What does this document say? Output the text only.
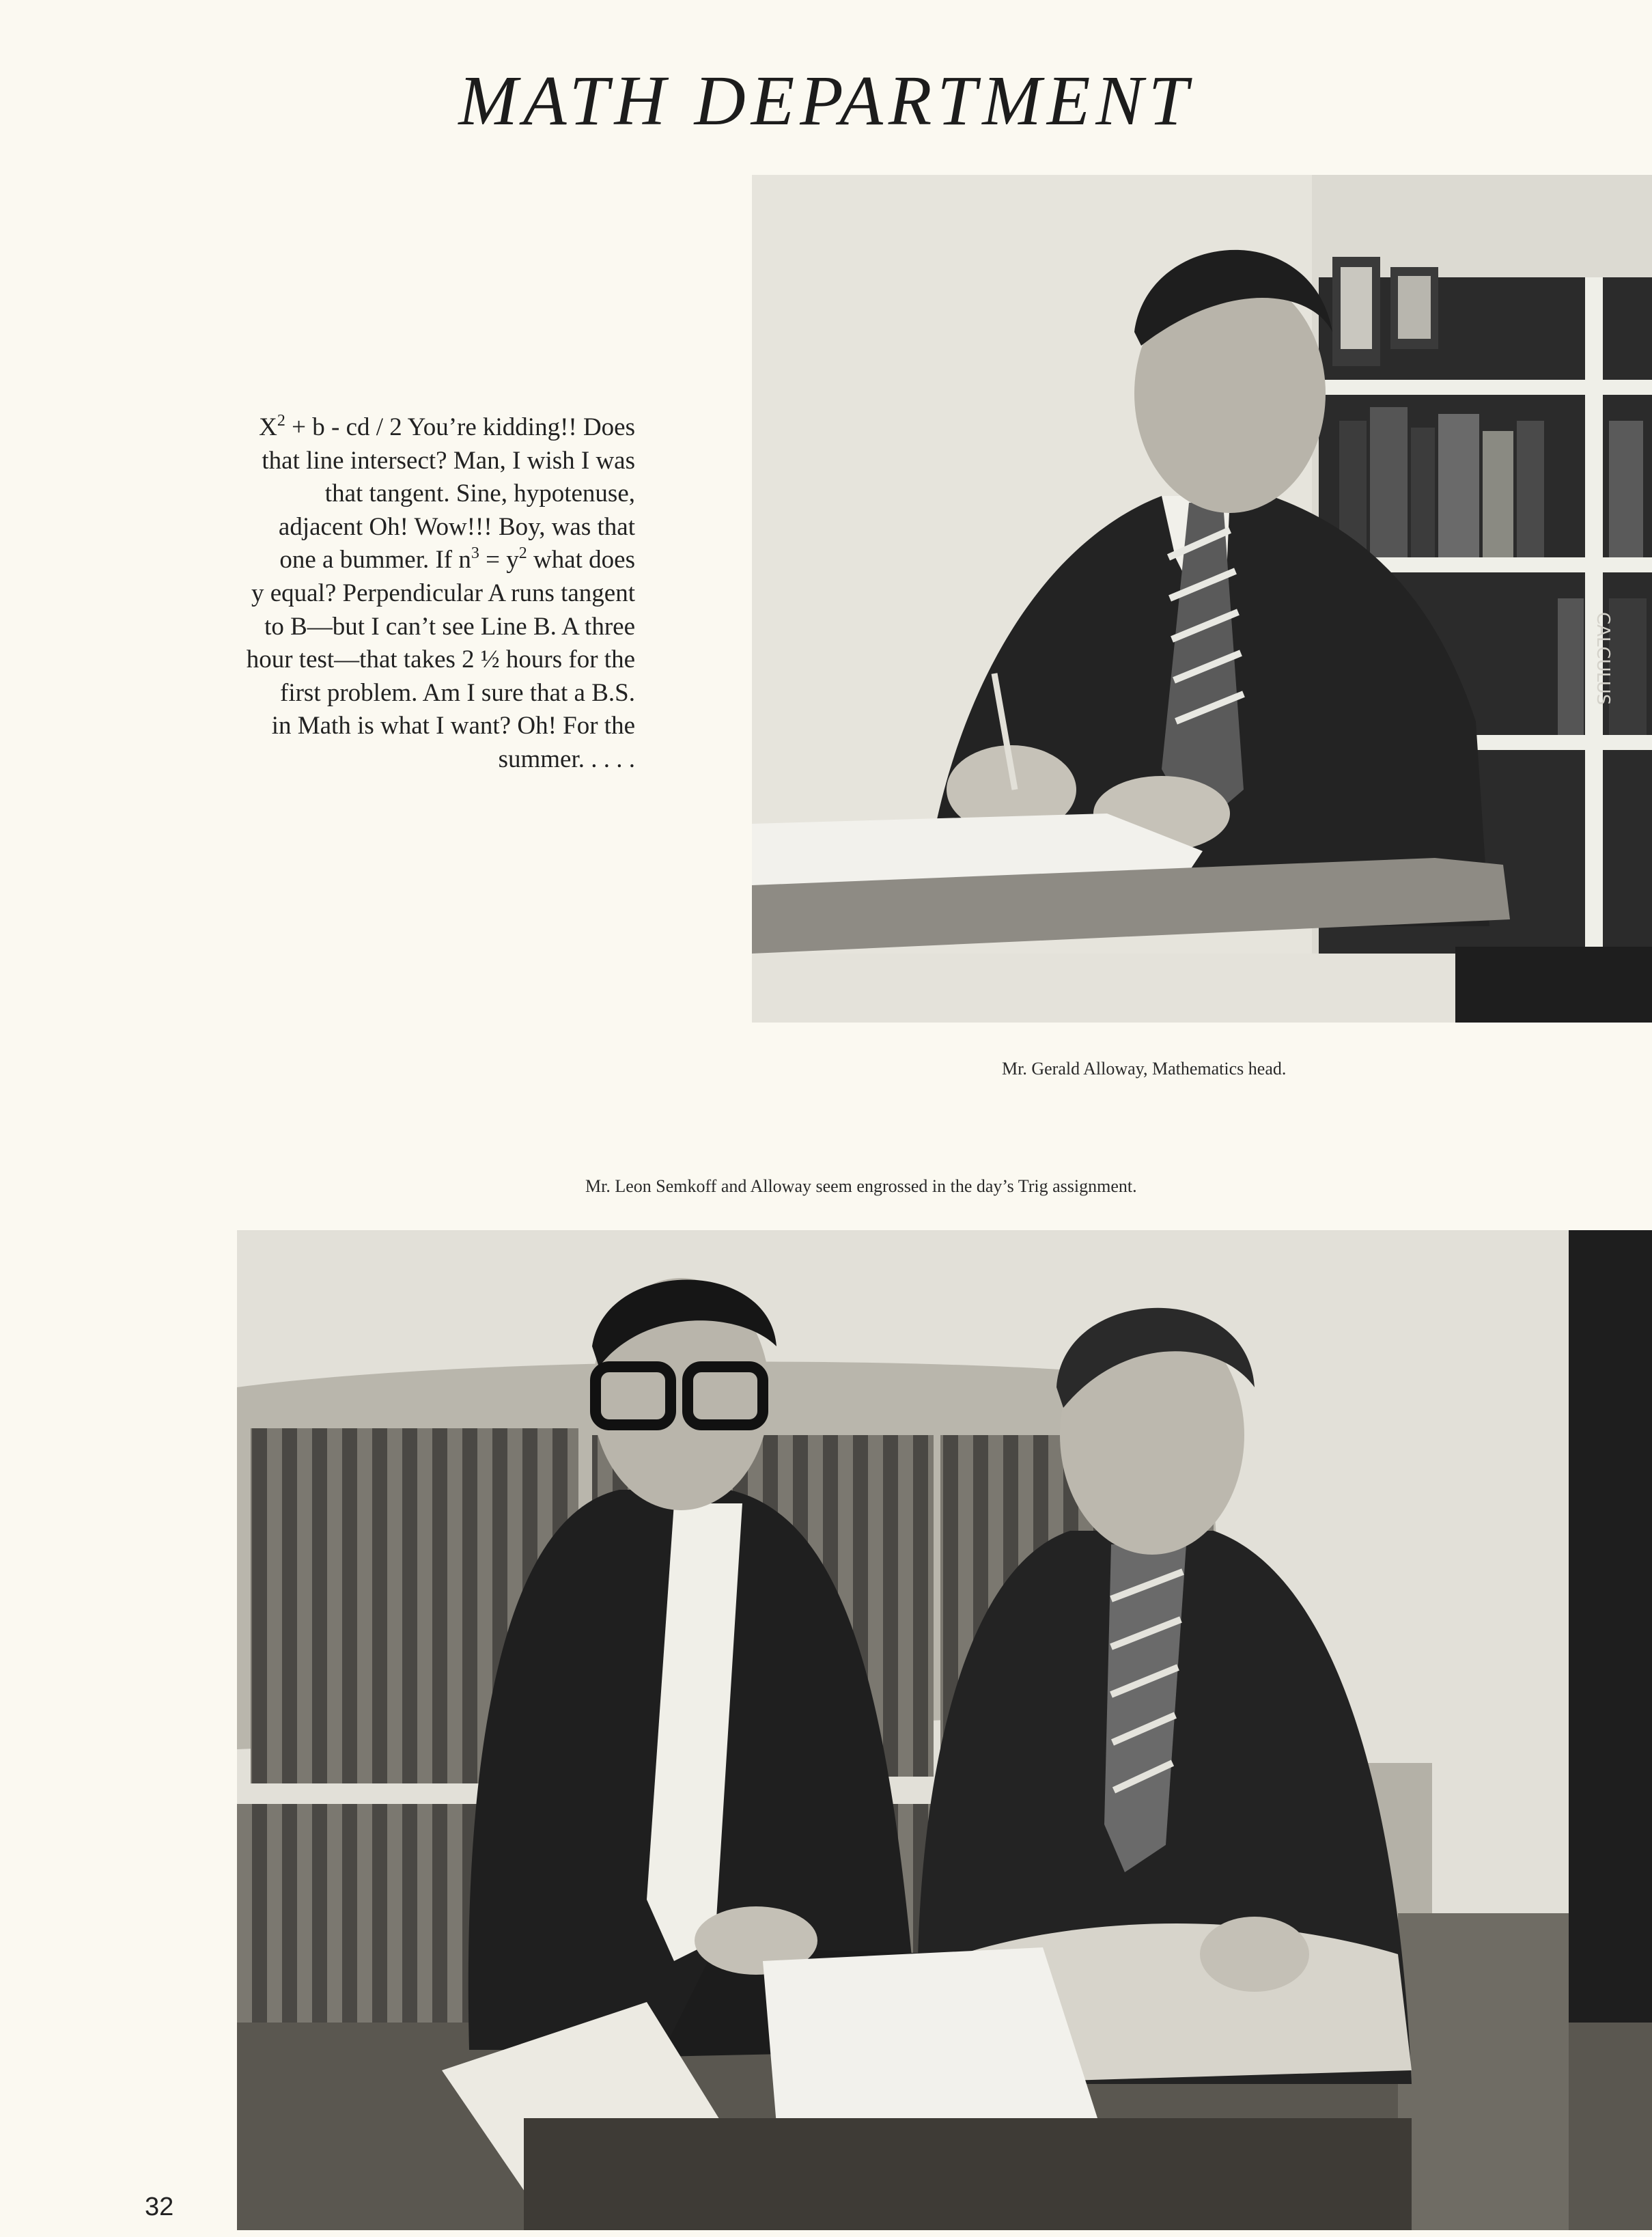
MATH DEPARTMENT
$X^2 + b$ - cd / 2 You’re kidding!! Does
that line intersect? Man, I wish I was
that tangent. Sine, hypotenuse,
adjacent Oh! Wow!!! Boy, was that
one a bummer. If $n^3 = y^2$ what does
y equal? Perpendicular A runs tangent
to B—but I can’t see Line B. A three
hour test—that takes 2 ½ hours for the
first problem. Am I sure that a B.S.
in Math is what I want? Oh! For the
summer. . . . .
CALCULUS
Mr. Gerald Alloway, Mathematics head.
Mr. Leon Semkoff and Alloway seem engrossed in the day’s Trig assignment.
32
